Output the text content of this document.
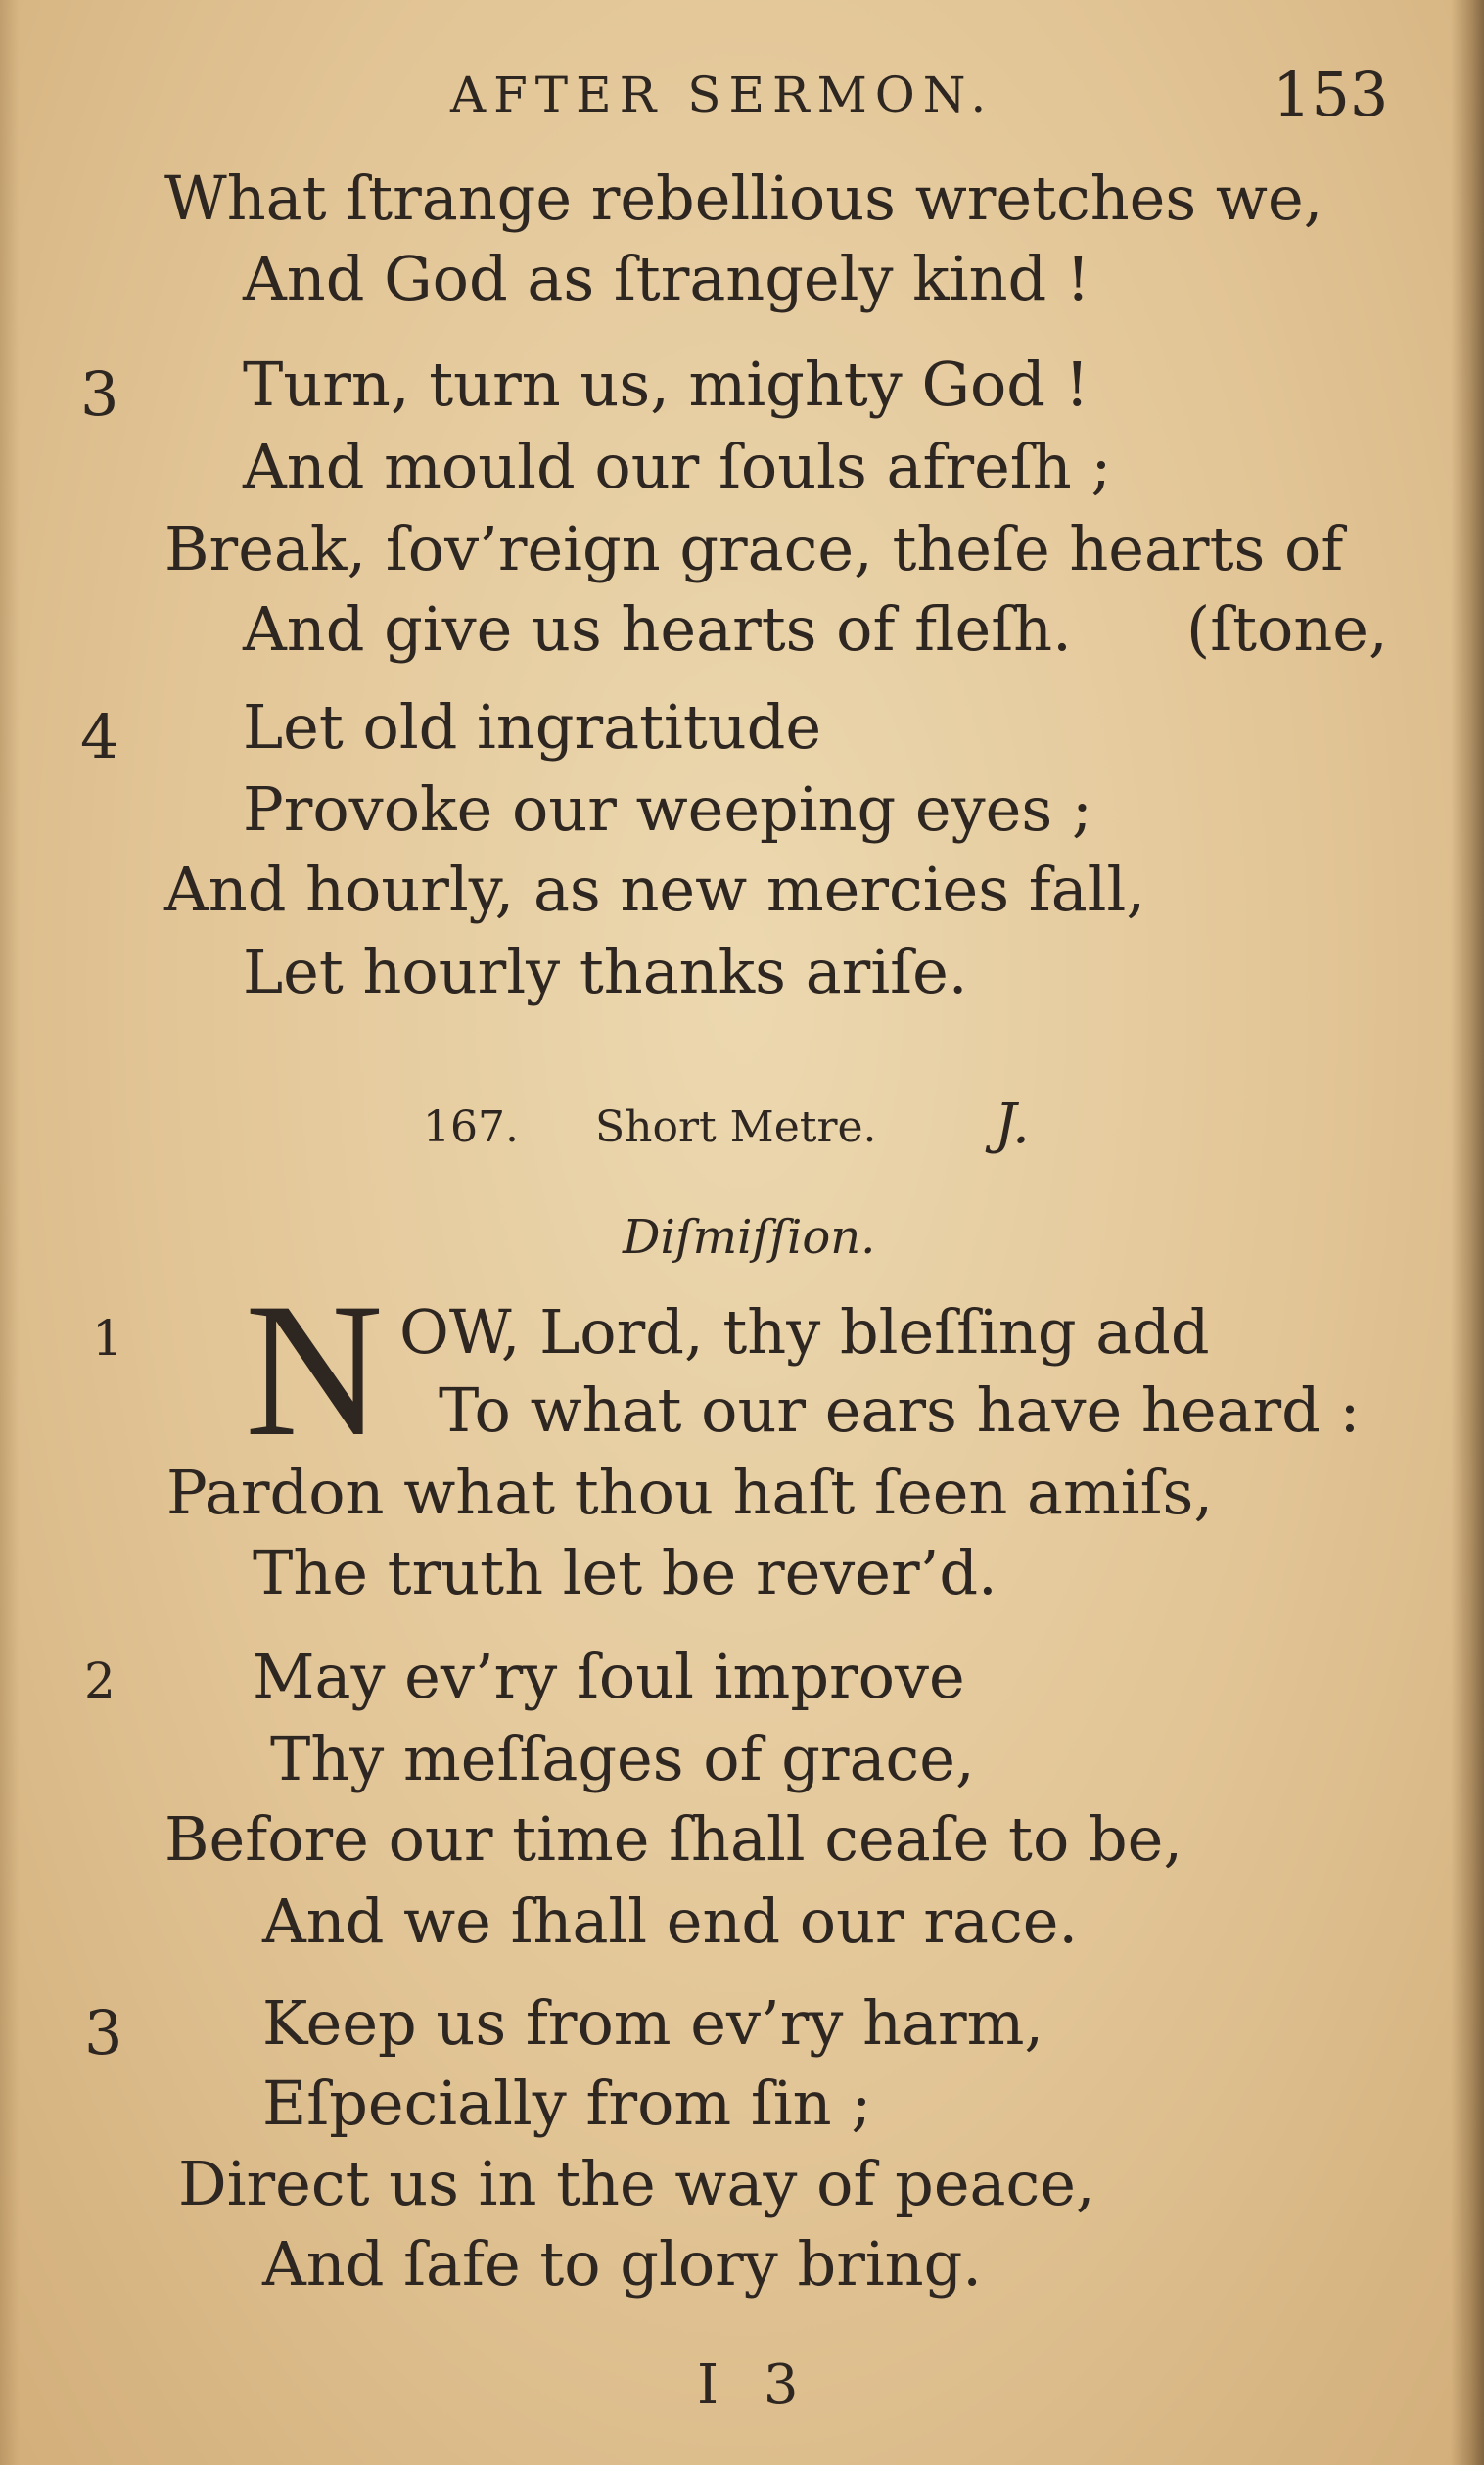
AFTER SERMON.	153
What ſtrange rebellious wretches we,
And God as ſtrangely kind !
3 Turn, turn us, mighty God !
And mould our ſouls afreſh ;
Break, ſov’reign grace, theſe hearts of
And give us hearts of fleſh. (ſtone,
4 Let old ingratitude
Provoke our weeping eyes ;
And hourly, as new mercies fall,
Let hourly thanks ariſe.
167. Short Metre. J.
Diſmiſſion.
1 N OW, Lord, thy bleſſing add
To what our ears have heard :
Pardon what thou haſt ſeen amiſs,
The truth let be rever’d.
2 May ev’ry ſoul improve
Thy meſſages of grace,
Before our time ſhall ceaſe to be,
And we ſhall end our race.
3 Keep us from ev’ry harm,
Eſpecially from ſin ;
Direct us in the way of peace,
And ſafe to glory bring.
I 3
